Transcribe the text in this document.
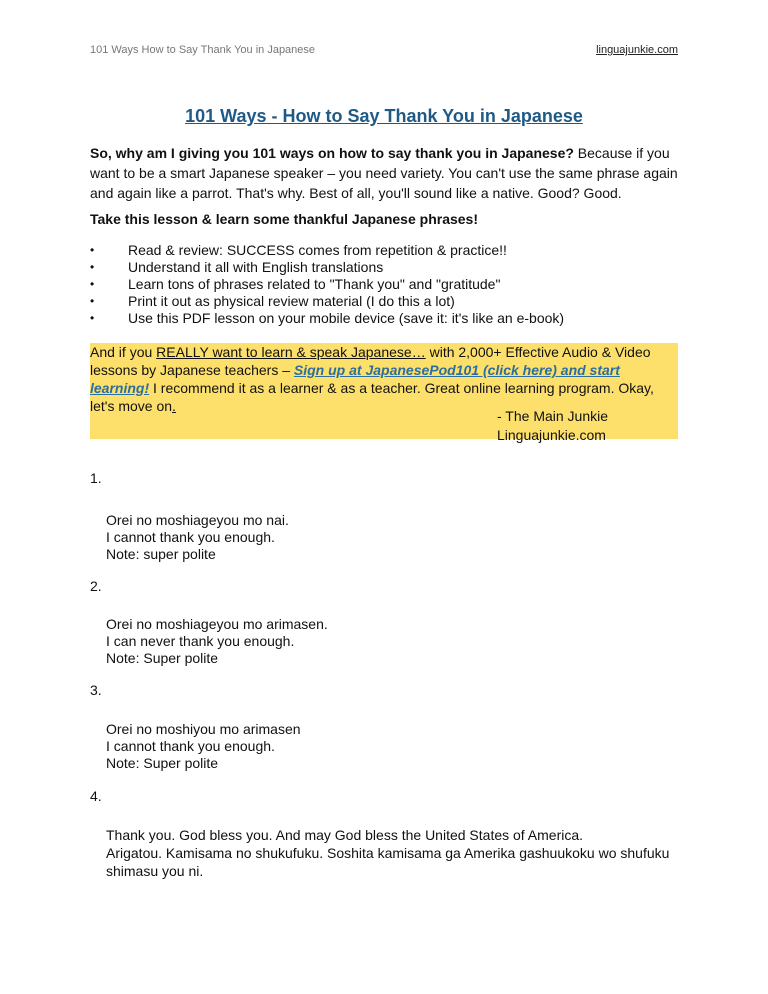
101 Ways How to Say Thank You in Japanese	linguajunkie.com
101 Ways - How to Say Thank You in Japanese
So, why am I giving you 101 ways on how to say thank you in Japanese? Because if you want to be a smart Japanese speaker – you need variety. You can't use the same phrase again and again like a parrot. That's why. Best of all, you'll sound like a native. Good? Good.
Take this lesson & learn some thankful Japanese phrases!
• Read & review: SUCCESS comes from repetition & practice!!
• Understand it all with English translations
• Learn tons of phrases related to "Thank you" and "gratitude"
• Print it out as physical review material (I do this a lot)
• Use this PDF lesson on your mobile device (save it: it's like an e-book)

And if you REALLY want to learn & speak Japanese… with 2,000+ Effective Audio & Video lessons by Japanese teachers – Sign up at JapanesePod101 (click here) and start learning! I recommend it as a learner & as a teacher. Great online learning program. Okay, let's move on.

- The Main Junkie
Linguajunkie.com
1.
Orei no moshiageyou mo nai.
I cannot thank you enough.
Note: super polite
2.
Orei no moshiageyou mo arimasen.
I can never thank you enough.
Note: Super polite
3.
Orei no moshiyou mo arimasen
I cannot thank you enough.
Note: Super polite
4.
Thank you. God bless you. And may God bless the United States of America.
Arigatou. Kamisama no shukufuku. Soshita kamisama ga Amerika gashuukoku wo shufuku shimasu you ni.
